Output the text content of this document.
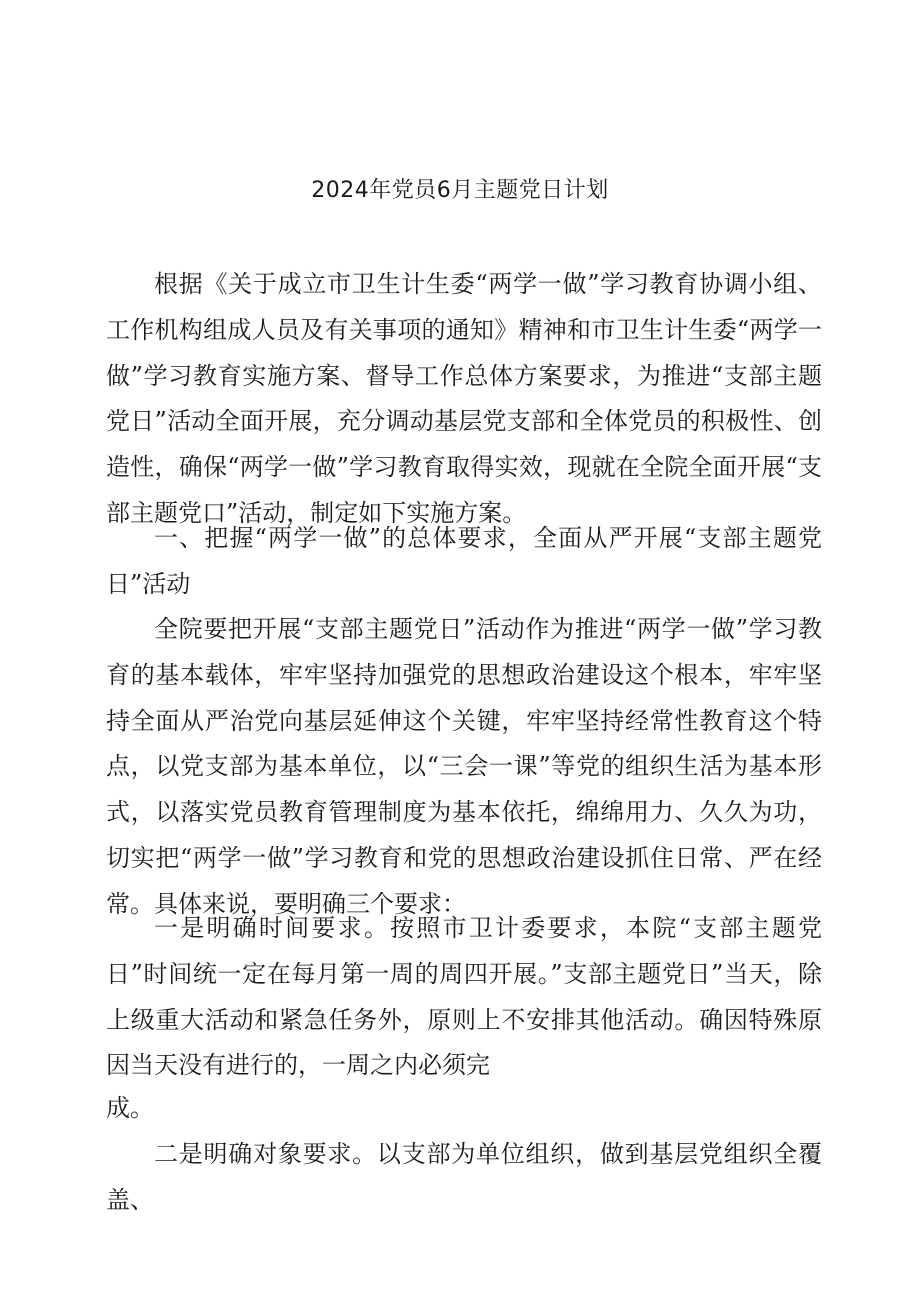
2024年党员6月主题党日计划

根据《关于成立市卫生计生委“两学一做”学习教育协调小组、工作机构组成人员及有关事项的通知》精神和市卫生计生委“两学一做”学习教育实施方案、督导工作总体方案要求，为推进“支部主题党日”活动全面开展，充分调动基层党支部和全体党员的积极性、创造性，确保“两学一做”学习教育取得实效，现就在全院全面开展“支部主题党口”活动，制定如下实施方案。

一、把握“两学一做”的总体要求，全面从严开展“支部主题党日”活动

全院要把开展“支部主题党日”活动作为推进“两学一做”学习教育的基本载体，牢牢坚持加强党的思想政治建设这个根本，牢牢坚持全面从严治党向基层延伸这个关键，牢牢坚持经常性教育这个特点，以党支部为基本单位，以“三会一课”等党的组织生活为基本形式，以落实党员教育管理制度为基本依托，绵绵用力、久久为功，切实把“两学一做”学习教育和党的思想政治建设抓住日常、严在经常。具体来说，要明确三个要求：

一是明确时间要求。按照市卫计委要求，本院“支部主题党日”时间统一定在每月第一周的周四开展。”支部主题党日”当天，除上级重大活动和紧急任务外，原则上不安排其他活动。确因特殊原因当天没有进行的，一周之内必须完

成。

二是明确对象要求。以支部为单位组织，做到基层党组织全覆盖、
